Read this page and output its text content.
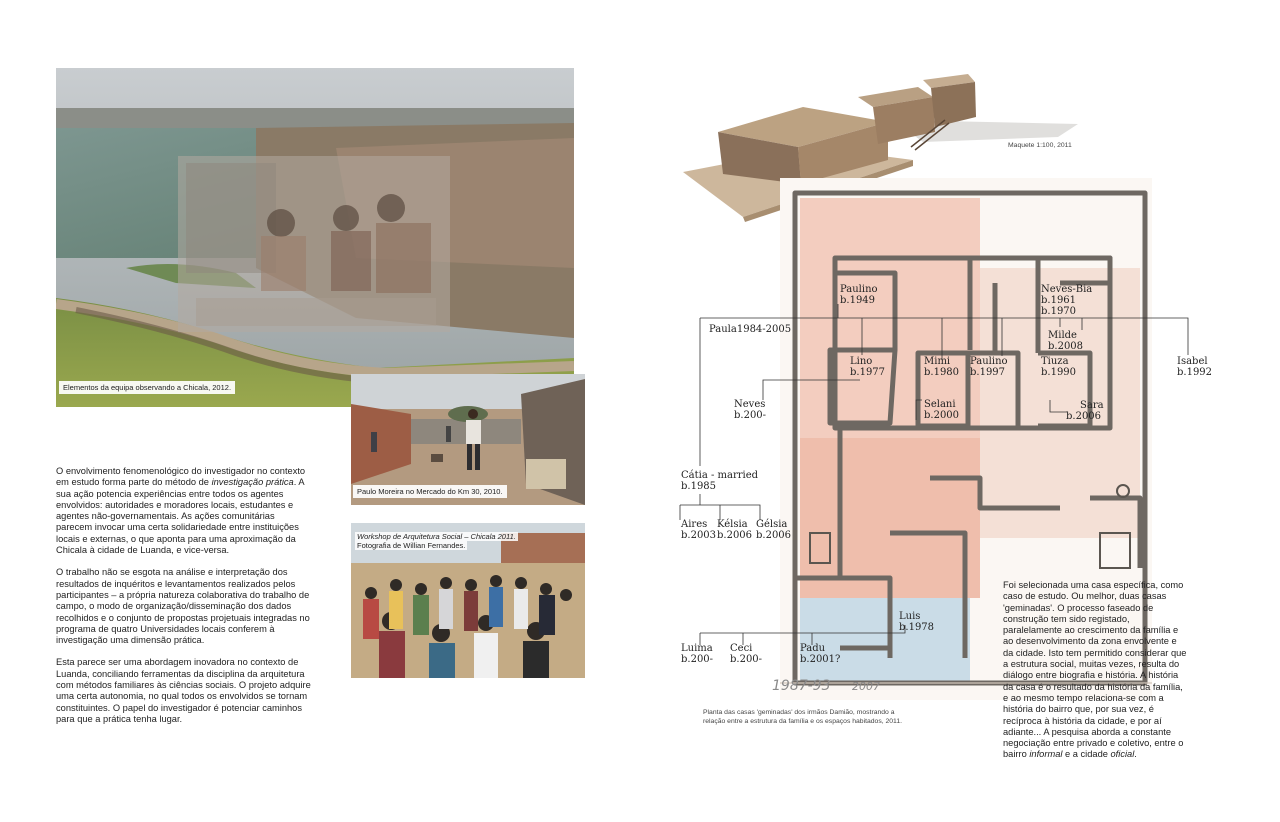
Elementos da equipa observando a Chicala, 2012.
Paulo Moreira no Mercado do Km 30, 2010.
Workshop de Arquitetura Social – Chicala 2011.
Fotografia de Willian Fernandes.

O envolvimento fenomenológico do investigador no contexto em estudo forma parte do método de investigação prática. A sua ação potencia experiências entre todos os agentes envolvidos: autoridades e moradores locais, estudantes e agentes não-governamentais. As ações comunitárias parecem invocar uma certa solidariedade entre instituições locais e externas, o que aponta para uma aproximação da Chicala à cidade de Luanda, e vice-versa.

O trabalho não se esgota na análise e interpretação dos resultados de inquéritos e levantamentos realizados pelos participantes – a própria natureza colaborativa do trabalho de campo, o modo de organização/disseminação dos dados recolhidos e o conjunto de propostas projetuais integradas no programa de quatro Universidades locais conferem à investigação uma dimensão prática.

Esta parece ser uma abordagem inovadora no contexto de Luanda, conciliando ferramentas da disciplina da arquitetura com métodos familiares às ciências sociais. O projeto adquire uma certa autonomia, no qual todos os envolvidos se tornam constituintes. O papel do investigador é potenciar caminhos para que a prática tenha lugar.

Maquete 1:100, 2011
1987-93 2007
Paulino
b.1949
Neves-Bia
b.1961
b.1970
Paula1984-2005
Milde
b.2008
Lino
b.1977
Mimi
b.1980
Paulino
b.1997
Tiuza
b.1990
Isabel
b.1992
Neves
b.200-
Selani
b.2000
Sara
b.2006
Cátia - married
b.1985
Aires
b.2003
Kélsia
b.2006
Gélsia
b.2006
Luis
b.1978
Luima
b.200-
Ceci
b.200-
Padu
b.2001?
Planta das casas 'geminadas' dos irmãos Damião, mostrando a
relação entre a estrutura da família e os espaços habitados, 2011.
Foi selecionada uma casa específica, como caso de estudo. Ou melhor, duas casas 'geminadas'. O processo faseado de construção tem sido registado, paralelamente ao crescimento da família e ao desenvolvimento da zona envolvente e da cidade. Isto tem permitido considerar que a estrutura social, muitas vezes, resulta do diálogo entre biografia e história. A história da casa é o resultado da história da família, e ao mesmo tempo relaciona-se com a história do bairro que, por sua vez, é recíproca à história da cidade, e por aí adiante... A pesquisa aborda a constante negociação entre privado e coletivo, entre o bairro informal e a cidade oficial.
